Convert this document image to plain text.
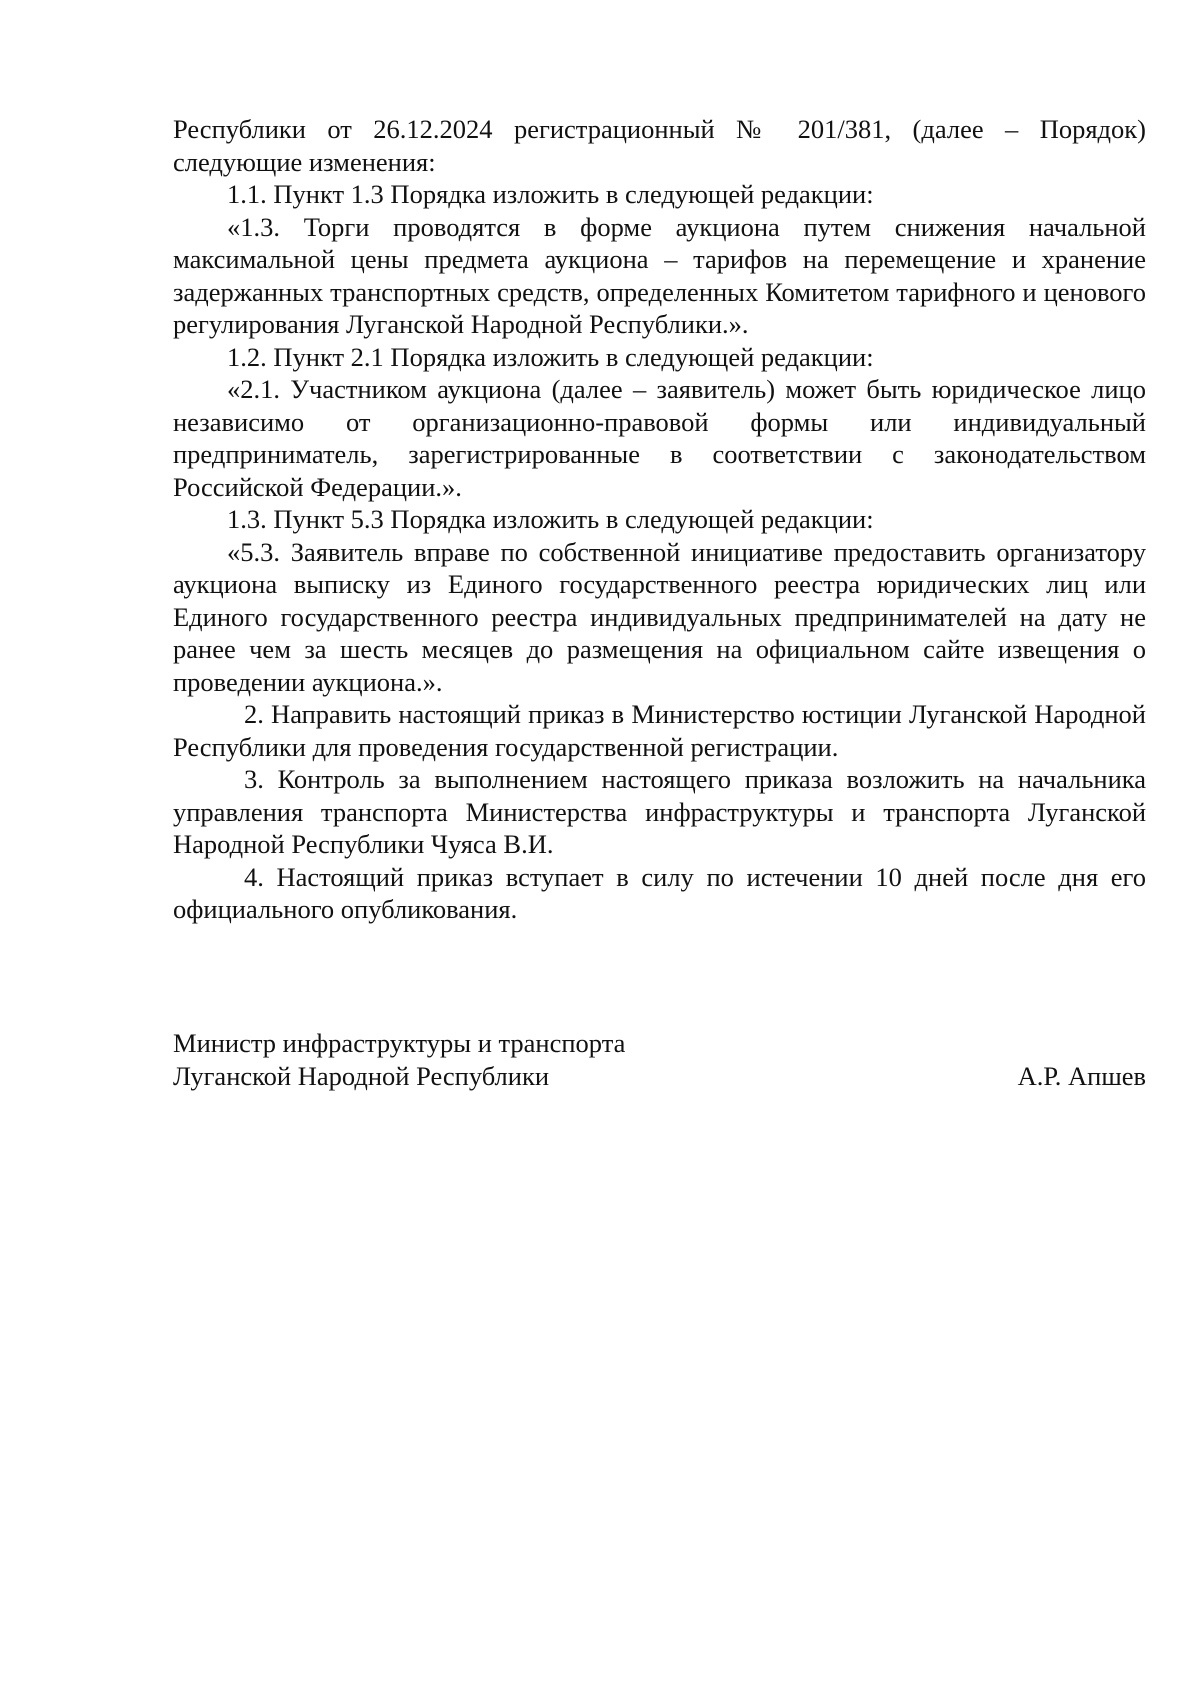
Республики от 26.12.2024 регистрационный № 201/381, (далее – Порядок) следующие изменения:

1.1. Пункт 1.3 Порядка изложить в следующей редакции:

«1.3. Торги проводятся в форме аукциона путем снижения начальной максимальной цены предмета аукциона – тарифов на перемещение и хранение задержанных транспортных средств, определенных Комитетом тарифного и ценового регулирования Луганской Народной Республики.».

1.2. Пункт 2.1 Порядка изложить в следующей редакции:

«2.1. Участником аукциона (далее – заявитель) может быть юридическое лицо независимо от организационно-правовой формы или индивидуальный предприниматель, зарегистрированные в соответствии с законодательством Российской Федерации.».

1.3. Пункт 5.3 Порядка изложить в следующей редакции:

«5.3. Заявитель вправе по собственной инициативе предоставить организатору аукциона выписку из Единого государственного реестра юридических лиц или Единого государственного реестра индивидуальных предпринимателей на дату не ранее чем за шесть месяцев до размещения на официальном сайте извещения о проведении аукциона.».

2. Направить настоящий приказ в Министерство юстиции Луганской Народной Республики для проведения государственной регистрации.

3. Контроль за выполнением настоящего приказа возложить на начальника управления транспорта Министерства инфраструктуры и транспорта Луганской Народной Республики Чуяса В.И.

4. Настоящий приказ вступает в силу по истечении 10 дней после дня его официального опубликования.

Министр инфраструктуры и транспорта
Луганской Народной Республики	А.Р. Апшев
